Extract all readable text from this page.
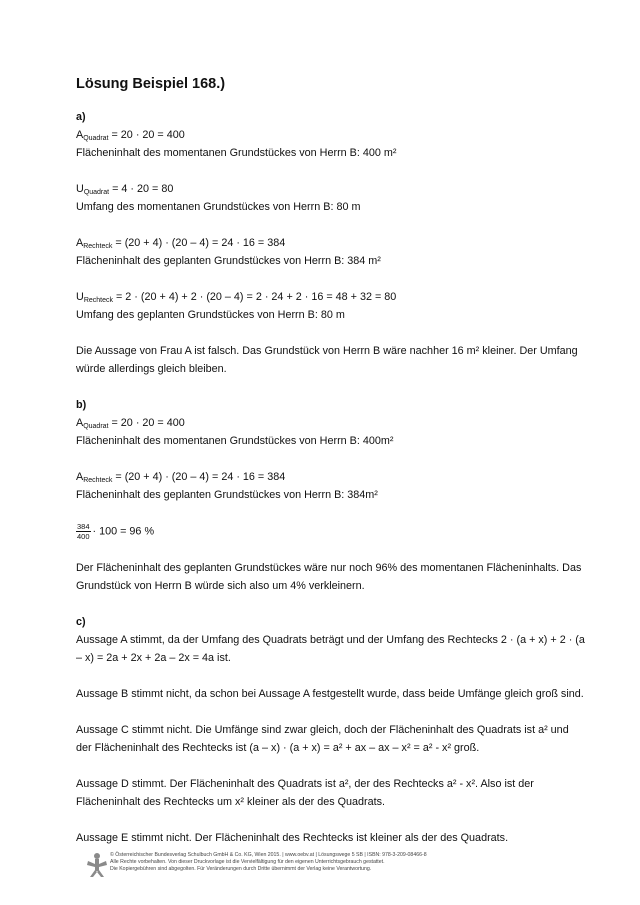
Lösung Beispiel 168.)
a)
$A_{Quadrat} = 20 \cdot 20 = 400$
Flächeninhalt des momentanen Grundstückes von Herrn B: 400 m²
$U_{Quadrat} = 4 \cdot 20 = 80$
Umfang des momentanen Grundstückes von Herrn B: 80 m
$A_{Rechteck} = (20 + 4) \cdot (20 - 4) = 24 \cdot 16 = 384$
Flächeninhalt des geplanten Grundstückes von Herrn B: 384 m²
$U_{Rechteck} = 2 \cdot (20 + 4) + 2 \cdot (20 - 4) = 2 \cdot 24 + 2 \cdot 16 = 48 + 32 = 80$
Umfang des geplanten Grundstückes von Herrn B: 80 m
Die Aussage von Frau A ist falsch. Das Grundstück von Herrn B wäre nachher 16 m² kleiner. Der Umfang würde allerdings gleich bleiben.
b)
$A_{Quadrat} = 20 \cdot 20 = 400$
Flächeninhalt des momentanen Grundstückes von Herrn B: 400m²
$A_{Rechteck} = (20 + 4) \cdot (20 - 4) = 24 \cdot 16 = 384$
Flächeninhalt des geplanten Grundstückes von Herrn B: 384m²
$\frac{384}{400} \cdot 100 = 96$ %
Der Flächeninhalt des geplanten Grundstückes wäre nur noch 96% des momentanen Flächeninhalts. Das Grundstück von Herrn B würde sich also um 4% verkleinern.
c)
Aussage A stimmt, da der Umfang des Quadrats beträgt und der Umfang des Rechtecks 2 · (a + x) + 2 · (a – x) = 2a + 2x + 2a – 2x = 4a ist.
Aussage B stimmt nicht, da schon bei Aussage A festgestellt wurde, dass beide Umfänge gleich groß sind.
Aussage C stimmt nicht. Die Umfänge sind zwar gleich, doch der Flächeninhalt des Quadrats ist a² und der Flächeninhalt des Rechtecks ist (a – x) · (a + x) = a² + ax – ax – x² = a² - x² groß.
Aussage D stimmt. Der Flächeninhalt des Quadrats ist a², der des Rechtecks a² - x². Also ist der Flächeninhalt des Rechtecks um x² kleiner als der des Quadrats.
Aussage E stimmt nicht. Der Flächeninhalt des Rechtecks ist kleiner als der des Quadrats.
© Österreichischer Bundesverlag Schulbuch GmbH & Co. KG, Wien 2015. | www.oebv.at | Lösungswege 5 SB | ISBN: 978-3-209-08466-8
Alle Rechte vorbehalten. Von dieser Druckvorlage ist die Vervielfältigung für den eigenen Unterrichtsgebrauch gestattet.
Die Kopiergebühren sind abgegolten. Für Veränderungen durch Dritte übernimmt der Verlag keine Verantwortung.
